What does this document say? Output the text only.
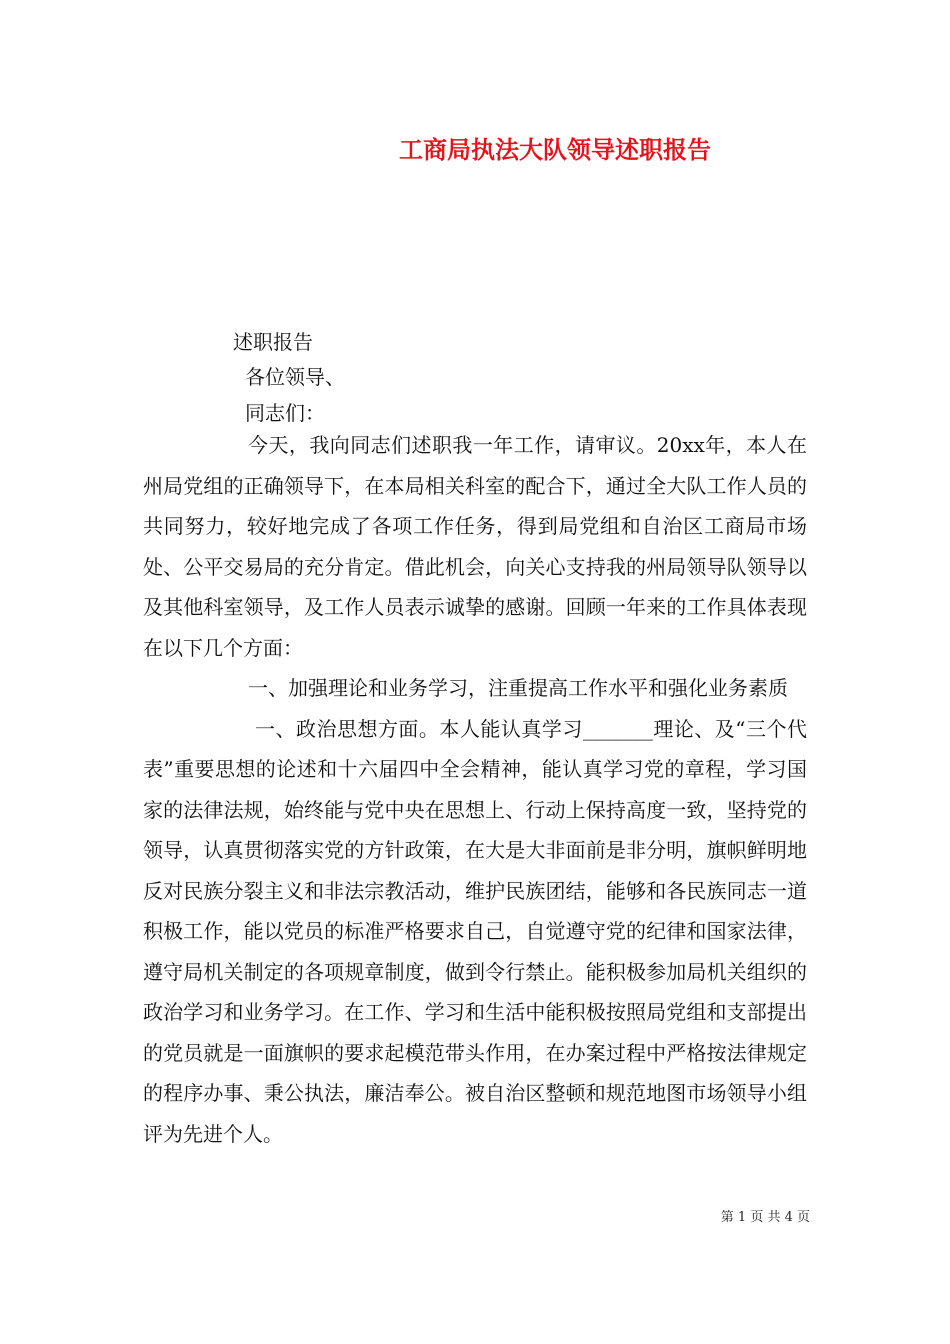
工商局执法大队领导述职报告
述职报告
各位领导、
同志们：

今天，我向同志们述职我一年工作，请审议。20xx年，本人在州局党组的正确领导下，在本局相关科室的配合下，通过全大队工作人员的共同努力，较好地完成了各项工作任务，得到局党组和自治区工商局市场处、公平交易局的充分肯定。借此机会，向关心支持我的州局领导队领导以及其他科室领导，及工作人员表示诚挚的感谢。回顾一年来的工作具体表现在以下几个方面：

一、加强理论和业务学习，注重提高工作水平和强化业务素质

一、政治思想方面。本人能认真学习_______理论、及“三个代表”重要思想的论述和十六届四中全会精神，能认真学习党的章程，学习国家的法律法规，始终能与党中央在思想上、行动上保持高度一致，坚持党的领导，认真贯彻落实党的方针政策，在大是大非面前是非分明，旗帜鲜明地反对民族分裂主义和非法宗教活动，维护民族团结，能够和各民族同志一道积极工作，能以党员的标准严格要求自己，自觉遵守党的纪律和国家法律，遵守局机关制定的各项规章制度，做到令行禁止。能积极参加局机关组织的政治学习和业务学习。在工作、学习和生活中能积极按照局党组和支部提出的党员就是一面旗帜的要求起模范带头作用，在办案过程中严格按法律规定的程序办事、秉公执法，廉洁奉公。被自治区整顿和规范地图市场领导小组评为先进个人。

第 1 页 共 4 页
